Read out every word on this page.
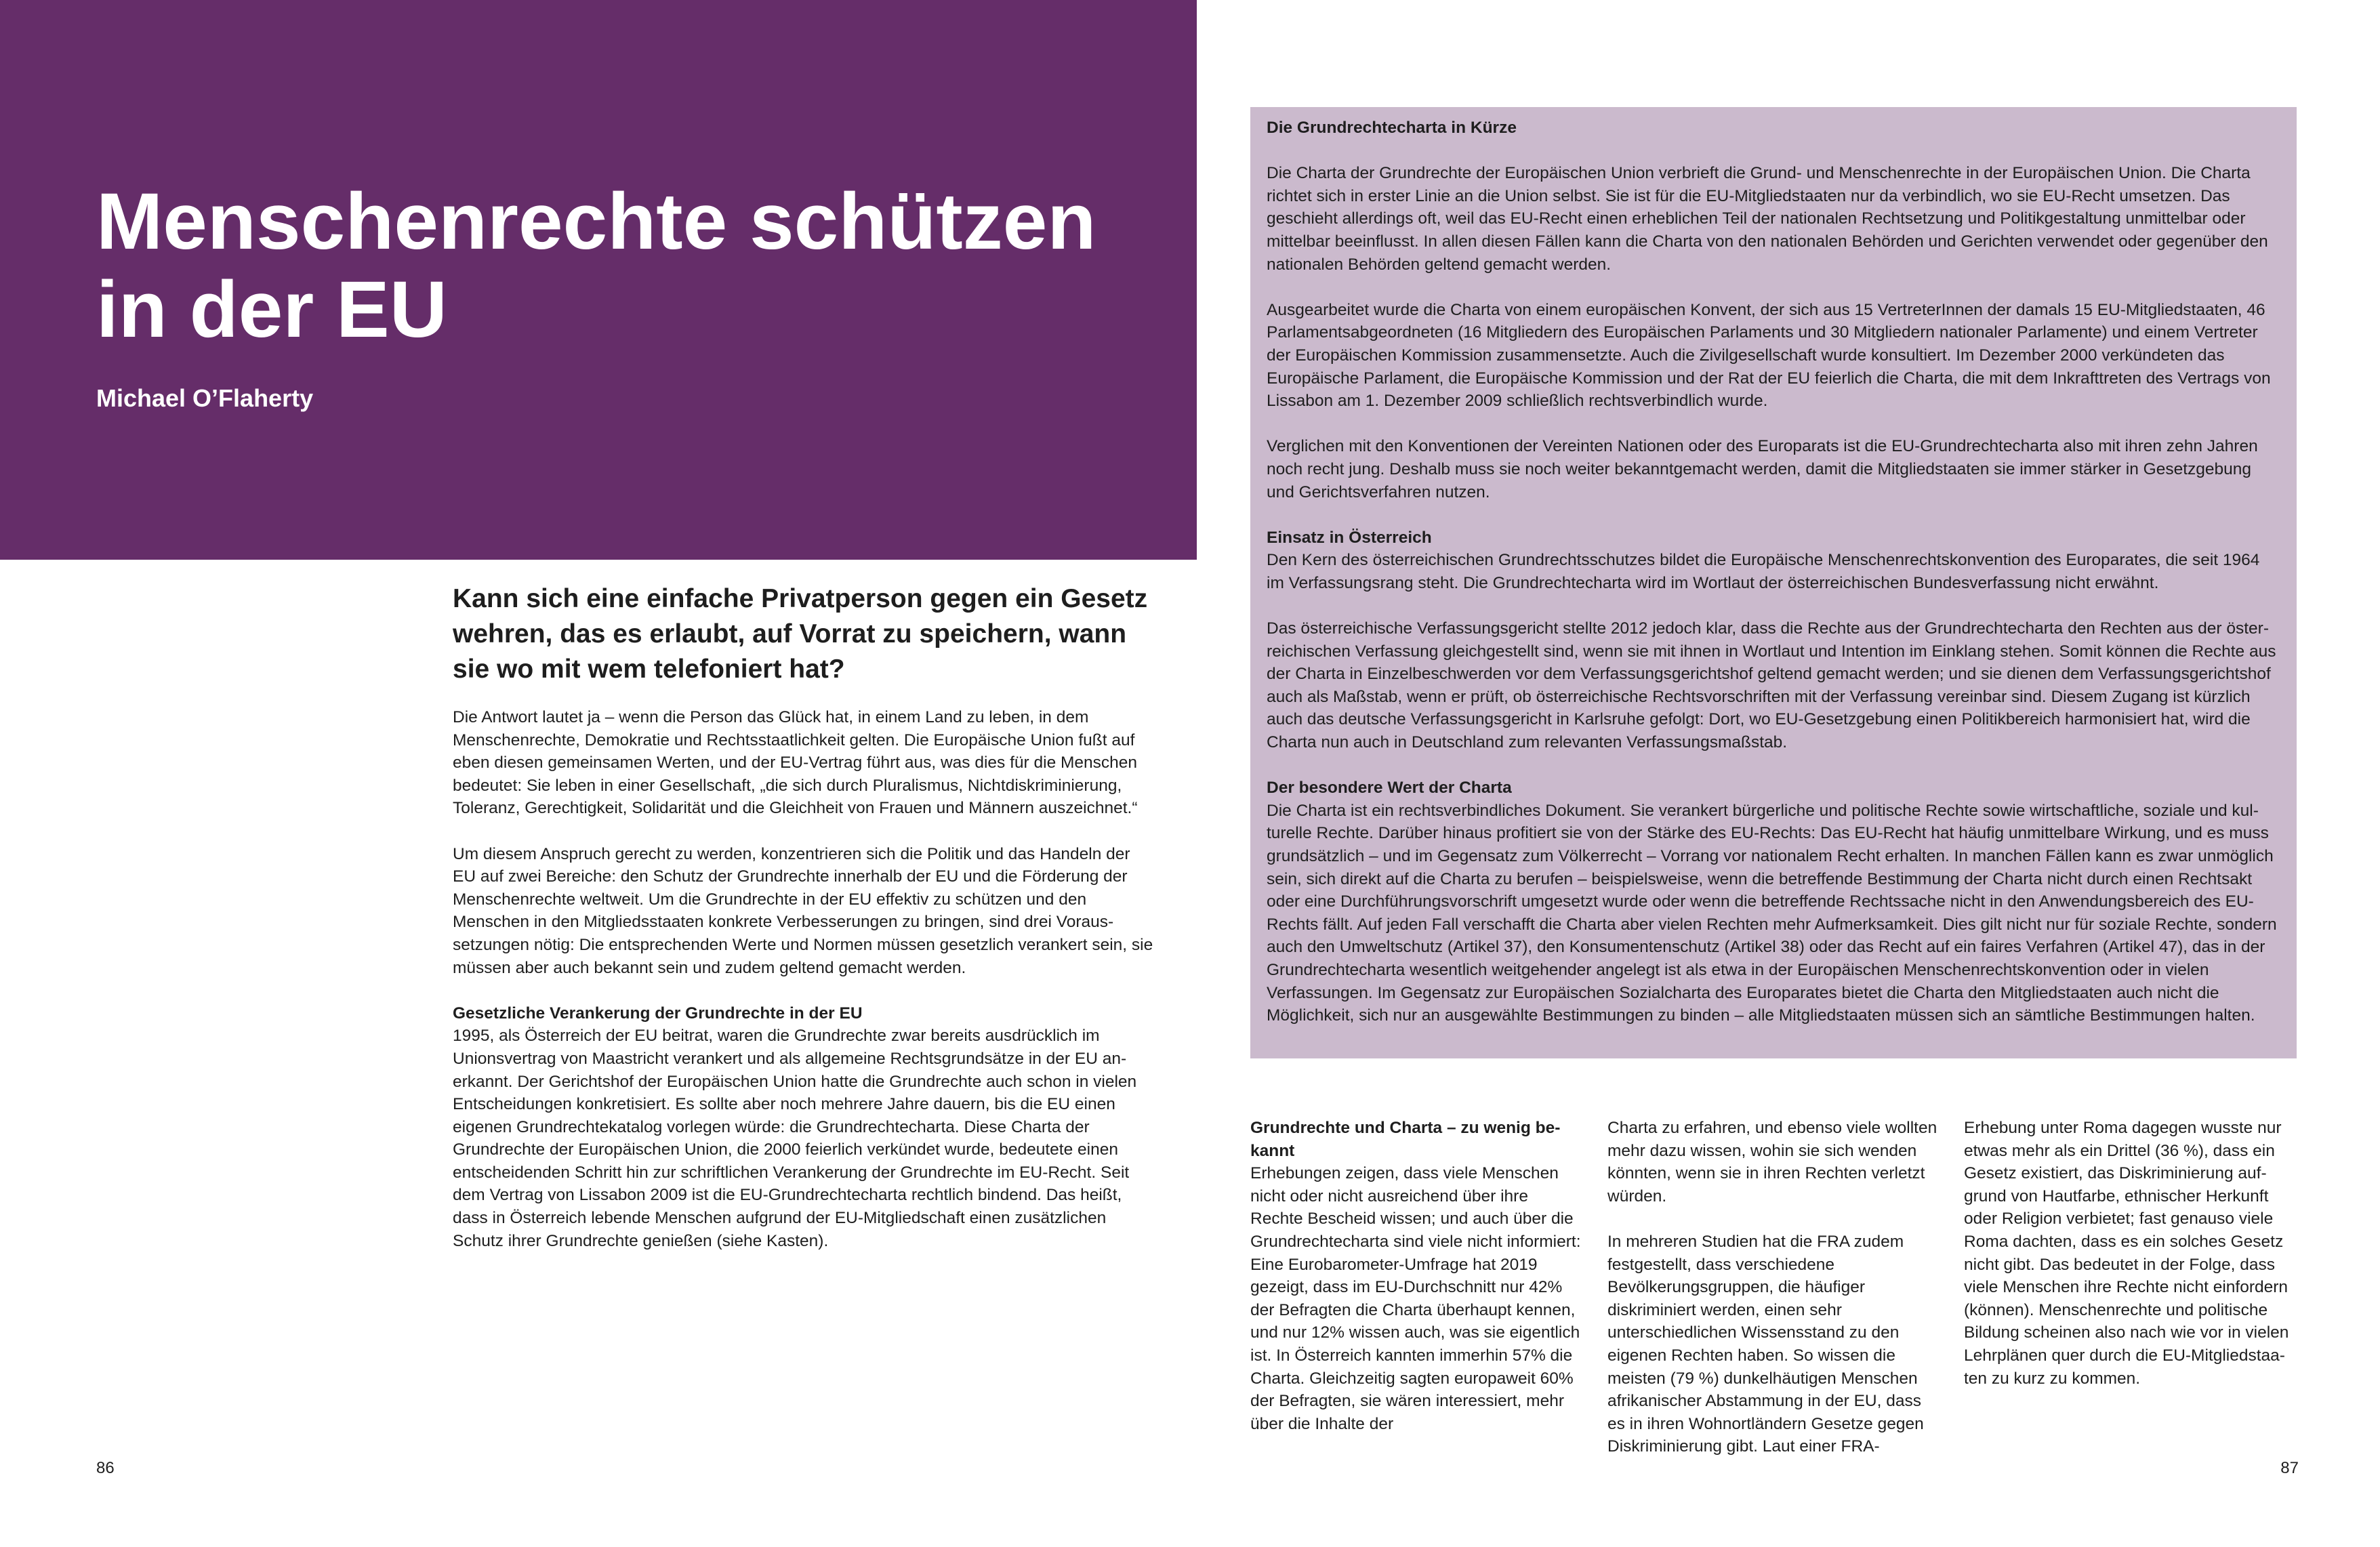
Menschenrechte schützen
in der EU

Michael O’Flaherty

Kann sich eine einfache Privatperson gegen ein Gesetz wehren, das es erlaubt, auf Vorrat zu speichern, wann sie wo mit wem telefoniert hat?

Die Antwort lautet ja – wenn die Person das Glück hat, in einem Land zu leben, in dem Menschenrechte, Demokratie und Rechtsstaatlichkeit gelten. Die Europäische Union fußt auf eben diesen gemeinsamen Werten, und der EU-Vertrag führt aus, was dies für die Menschen bedeutet: Sie leben in einer Gesellschaft, „die sich durch Pluralismus, Nichtdiskriminierung, Toleranz, Gerechtigkeit, Solidarität und die Gleichheit von Frauen und Männern auszeichnet.“

Um diesem Anspruch gerecht zu werden, konzentrieren sich die Politik und das Handeln der EU auf zwei Bereiche: den Schutz der Grundrechte innerhalb der EU und die Förderung der Menschenrechte weltweit. Um die Grundrechte in der EU effektiv zu schützen und den Menschen in den Mitgliedsstaaten konkrete Verbesserungen zu bringen, sind drei Voraussetzungen nötig: Die entsprechenden Werte und Normen müssen gesetzlich verankert sein, sie müssen aber auch bekannt sein und zudem geltend gemacht werden.

Gesetzliche Verankerung der Grundrechte in der EU
1995, als Österreich der EU beitrat, waren die Grundrechte zwar bereits ausdrücklich im Unionsvertrag von Maastricht verankert und als allgemeine Rechtsgrundsätze in der EU anerkannt. Der Gerichtshof der Europäischen Union hatte die Grundrechte auch schon in vielen Entscheidungen konkretisiert. Es sollte aber noch mehrere Jahre dauern, bis die EU einen eigenen Grundrechtekatalog vorlegen würde: die Grundrechtecharta. Diese Charta der Grundrechte der Europäischen Union, die 2000 feierlich verkündet wurde, bedeutete einen entscheidenden Schritt hin zur schriftlichen Verankerung der Grundrechte im EU-Recht. Seit dem Vertrag von Lissabon 2009 ist die EU-Grundrechtecharta rechtlich bindend. Das heißt, dass in Österreich lebende Menschen aufgrund der EU-Mitgliedschaft einen zusätzlichen Schutz ihrer Grundrechte genießen (siehe Kasten).

86

Die Grundrechtecharta in Kürze

Die Charta der Grundrechte der Europäischen Union verbrieft die Grund- und Menschenrechte in der Europäischen Union. Die Charta richtet sich in erster Linie an die Union selbst. Sie ist für die EU-Mitgliedstaaten nur da verbindlich, wo sie EU-Recht umsetzen. Das geschieht allerdings oft, weil das EU-Recht einen erheblichen Teil der nationalen Rechtsetzung und Politikgestaltung unmittelbar oder mittelbar beeinflusst. In allen diesen Fällen kann die Charta von den nationalen Behörden und Gerichten verwendet oder gegenüber den nationalen Behörden geltend gemacht werden.

Ausgearbeitet wurde die Charta von einem europäischen Konvent, der sich aus 15 VertreterInnen der damals 15 EU-Mitgliedstaaten, 46 Parlamentsabgeordneten (16 Mitgliedern des Europäischen Parlaments und 30 Mitgliedern nationaler Parlamente) und einem Vertreter der Europäischen Kommission zusammensetzte. Auch die Zivilgesellschaft wurde konsultiert. Im Dezember 2000 verkündeten das Europäische Parlament, die Europäische Kommission und der Rat der EU feierlich die Charta, die mit dem Inkrafttreten des Vertrags von Lissabon am 1. Dezember 2009 schließlich rechtsverbindlich wurde.

Verglichen mit den Konventionen der Vereinten Nationen oder des Europarats ist die EU-Grundrechtecharta also mit ihren zehn Jahren noch recht jung. Deshalb muss sie noch weiter bekanntgemacht werden, damit die Mitgliedstaaten sie immer stärker in Gesetzgebung und Gerichtsverfahren nutzen.

Einsatz in Österreich
Den Kern des österreichischen Grundrechtsschutzes bildet die Europäische Menschenrechtskonvention des Europarates, die seit 1964 im Verfassungsrang steht. Die Grundrechtecharta wird im Wortlaut der österreichischen Bundesverfassung nicht erwähnt.

Das österreichische Verfassungsgericht stellte 2012 jedoch klar, dass die Rechte aus der Grundrechtecharta den Rechten aus der österreichischen Verfassung gleichgestellt sind, wenn sie mit ihnen in Wortlaut und Intention im Einklang stehen. Somit können die Rechte aus der Charta in Einzelbeschwerden vor dem Verfassungsgerichtshof geltend gemacht werden; und sie dienen dem Verfassungsgerichtshof auch als Maßstab, wenn er prüft, ob österreichische Rechtsvorschriften mit der Verfassung vereinbar sind. Diesem Zugang ist kürzlich auch das deutsche Verfassungsgericht in Karlsruhe gefolgt: Dort, wo EU-Gesetzgebung einen Politikbereich harmonisiert hat, wird die Charta nun auch in Deutschland zum relevanten Verfassungsmaßstab.

Der besondere Wert der Charta
Die Charta ist ein rechtsverbindliches Dokument. Sie verankert bürgerliche und politische Rechte sowie wirtschaftliche, soziale und kulturelle Rechte. Darüber hinaus profitiert sie von der Stärke des EU-Rechts: Das EU-Recht hat häufig unmittelbare Wirkung, und es muss grundsätzlich – und im Gegensatz zum Völkerrecht – Vorrang vor nationalem Recht erhalten. In manchen Fällen kann es zwar unmöglich sein, sich direkt auf die Charta zu berufen – beispielsweise, wenn die betreffende Bestimmung der Charta nicht durch einen Rechtsakt oder eine Durchführungsvorschrift umgesetzt wurde oder wenn die betreffende Rechtssache nicht in den Anwendungsbereich des EU-Rechts fällt. Auf jeden Fall verschafft die Charta aber vielen Rechten mehr Aufmerksamkeit. Dies gilt nicht nur für soziale Rechte, sondern auch den Umweltschutz (Artikel 37), den Konsumentenschutz (Artikel 38) oder das Recht auf ein faires Verfahren (Artikel 47), das in der Grundrechtecharta wesentlich weitgehender angelegt ist als etwa in der Europäischen Menschenrechtskonvention oder in vielen Verfassungen. Im Gegensatz zur Europäischen Sozialcharta des Europarates bietet die Charta den Mitgliedstaaten auch nicht die Möglichkeit, sich nur an ausgewählte Bestimmungen zu binden – alle Mitgliedstaaten müssen sich an sämtliche Bestimmungen halten.

Grundrechte und Charta – zu wenig bekannt
Erhebungen zeigen, dass viele Menschen nicht oder nicht ausreichend über ihre Rechte Bescheid wissen; und auch über die Grundrechtecharta sind viele nicht informiert: Eine Eurobarometer-Umfrage hat 2019 gezeigt, dass im EU-Durchschnitt nur 42% der Befragten die Charta überhaupt kennen, und nur 12% wissen auch, was sie eigentlich ist. In Österreich kannten immerhin 57% die Charta. Gleichzeitig sagten europaweit 60% der Befragten, sie wären interessiert, mehr über die Inhalte der

Charta zu erfahren, und ebenso viele wollten mehr dazu wissen, wohin sie sich wenden könnten, wenn sie in ihren Rechten verletzt würden.

In mehreren Studien hat die FRA zudem festgestellt, dass verschiedene Bevölkerungsgruppen, die häufiger diskriminiert werden, einen sehr unterschiedlichen Wissensstand zu den eigenen Rechten haben. So wissen die meisten (79 %) dunkelhäutigen Menschen afrikanischer Abstammung in der EU, dass es in ihren Wohnortländern Gesetze gegen Diskriminierung gibt. Laut einer FRA-

Erhebung unter Roma dagegen wusste nur etwas mehr als ein Drittel (36 %), dass ein Gesetz existiert, das Diskriminierung aufgrund von Hautfarbe, ethnischer Herkunft oder Religion verbietet; fast genauso viele Roma dachten, dass es ein solches Gesetz nicht gibt. Das bedeutet in der Folge, dass viele Menschen ihre Rechte nicht einfordern (können). Menschenrechte und politische Bildung scheinen also nach wie vor in vielen Lehrplänen quer durch die EU-Mitgliedstaaten zu kurz zu kommen.

87
